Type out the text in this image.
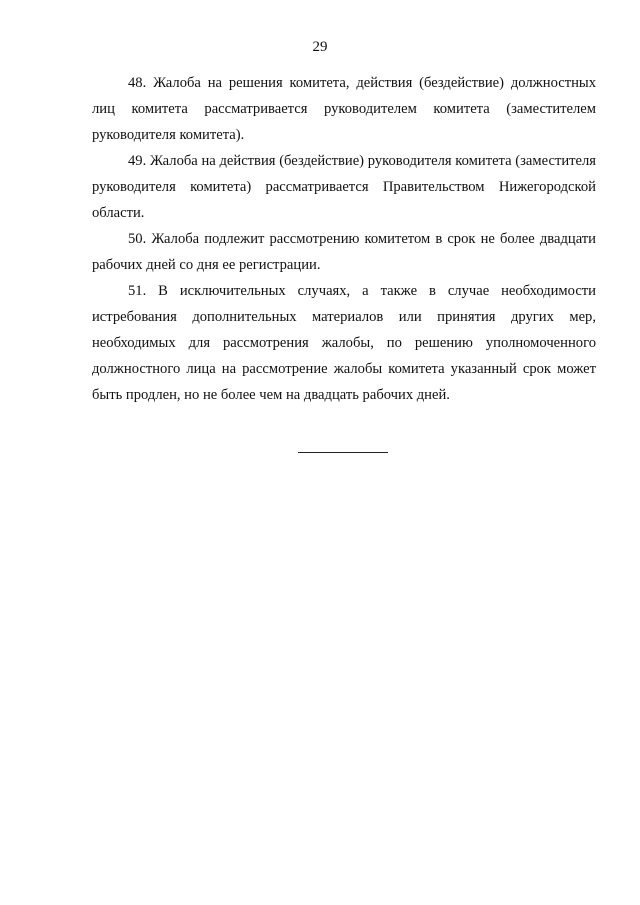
29

48. Жалоба на решения комитета, действия (бездействие) должностных лиц комитета рассматривается руководителем комитета (заместителем руководителя комитета).

49. Жалоба на действия (бездействие) руководителя комитета (заместителя руководителя комитета) рассматривается Правительством Нижегородской области.

50. Жалоба подлежит рассмотрению комитетом в срок не более двадцати рабочих дней со дня ее регистрации.

51. В исключительных случаях, а также в случае необходимости истребования дополнительных материалов или принятия других мер, необходимых для рассмотрения жалобы, по решению уполномоченного должностного лица на рассмотрение жалобы комитета указанный срок может быть продлен, но не более чем на двадцать рабочих дней.
